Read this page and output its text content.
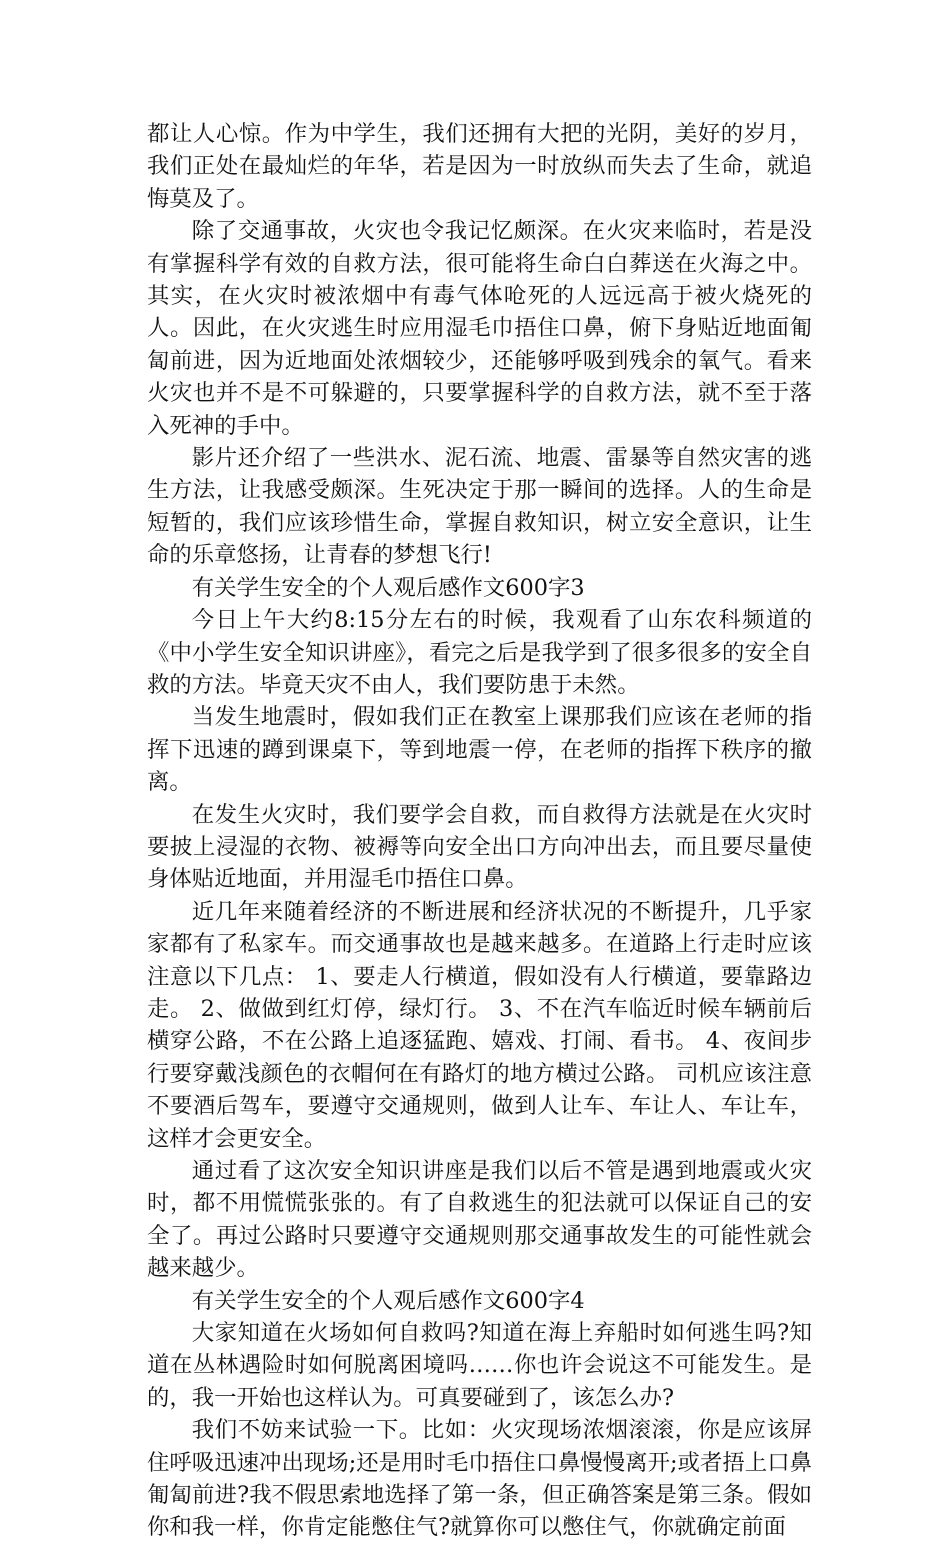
都让人心惊。作为中学生，我们还拥有大把的光阴，美好的岁月，我们正处在最灿烂的年华，若是因为一时放纵而失去了生命，就追悔莫及了。

除了交通事故，火灾也令我记忆颇深。在火灾来临时，若是没有掌握科学有效的自救方法，很可能将生命白白葬送在火海之中。其实，在火灾时被浓烟中有毒气体呛死的人远远高于被火烧死的人。因此，在火灾逃生时应用湿毛巾捂住口鼻，俯下身贴近地面匍匐前进，因为近地面处浓烟较少，还能够呼吸到残余的氧气。看来火灾也并不是不可躲避的，只要掌握科学的自救方法，就不至于落入死神的手中。

影片还介绍了一些洪水、泥石流、地震、雷暴等自然灾害的逃生方法，让我感受颇深。生死决定于那一瞬间的选择。人的生命是短暂的，我们应该珍惜生命，掌握自救知识，树立安全意识，让生命的乐章悠扬，让青春的梦想飞行!

有关学生安全的个人观后感作文600字3

今日上午大约8:15分左右的时候，我观看了山东农科频道的《中小学生安全知识讲座》，看完之后是我学到了很多很多的安全自救的方法。毕竟天灾不由人，我们要防患于未然。

当发生地震时，假如我们正在教室上课那我们应该在老师的指挥下迅速的蹲到课桌下，等到地震一停，在老师的指挥下秩序的撤离。

在发生火灾时，我们要学会自救，而自救得方法就是在火灾时要披上浸湿的衣物、被褥等向安全出口方向冲出去，而且要尽量使身体贴近地面，并用湿毛巾捂住口鼻。

近几年来随着经济的不断进展和经济状况的不断提升，几乎家家都有了私家车。而交通事故也是越来越多。在道路上行走时应该注意以下几点： 1、要走人行横道，假如没有人行横道，要靠路边走。 2、做做到红灯停，绿灯行。 3、不在汽车临近时候车辆前后横穿公路，不在公路上追逐猛跑、嬉戏、打闹、看书。 4、夜间步行要穿戴浅颜色的衣帽何在有路灯的地方横过公路。 司机应该注意不要酒后驾车，要遵守交通规则，做到人让车、车让人、车让车，这样才会更安全。

通过看了这次安全知识讲座是我们以后不管是遇到地震或火灾时，都不用慌慌张张的。有了自救逃生的犯法就可以保证自己的安全了。再过公路时只要遵守交通规则那交通事故发生的可能性就会越来越少。

有关学生安全的个人观后感作文600字4

大家知道在火场如何自救吗?知道在海上弃船时如何逃生吗?知道在丛林遇险时如何脱离困境吗……你也许会说这不可能发生。是的，我一开始也这样认为。可真要碰到了，该怎么办?

我们不妨来试验一下。比如：火灾现场浓烟滚滚，你是应该屏住呼吸迅速冲出现场;还是用时毛巾捂住口鼻慢慢离开;或者捂上口鼻匍匐前进?我不假思索地选择了第一条，但正确答案是第三条。假如你和我一样，你肯定能憋住气?就算你可以憋住气，你就确定前面
